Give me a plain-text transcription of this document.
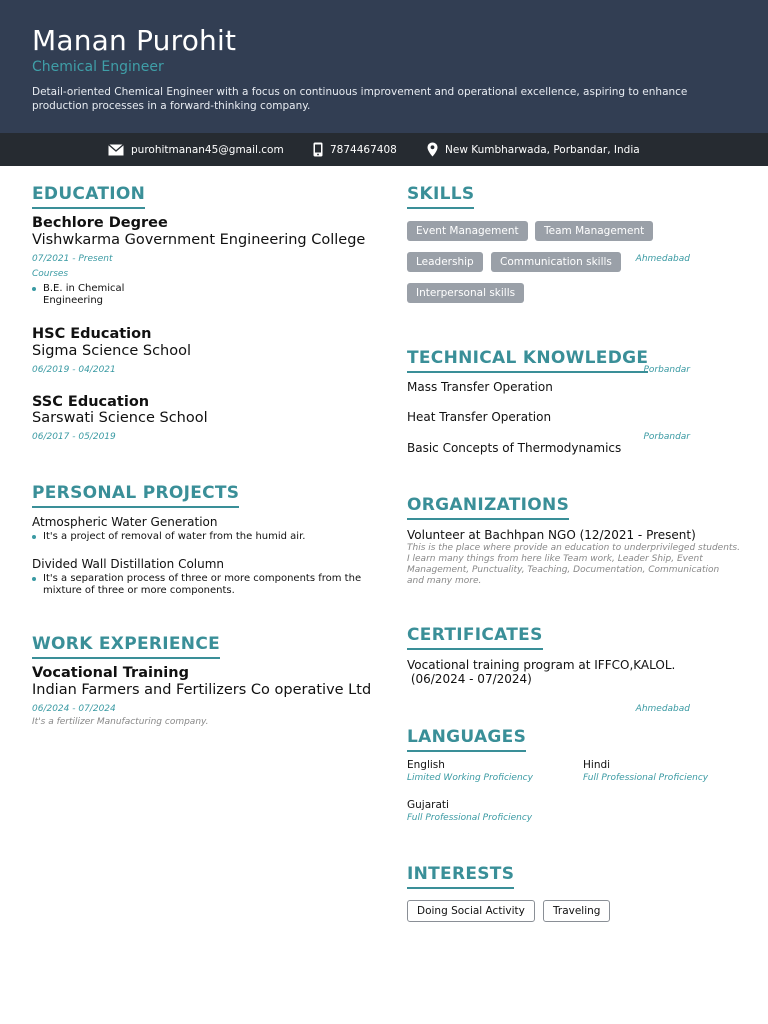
Manan Purohit
Chemical Engineer
Detail-oriented Chemical Engineer with a focus on continuous improvement and operational excellence, aspiring to enhance production processes in a forward-thinking company.
purohitmanan45@gmail.com	7874467408	New Kumbharwada, Porbandar, India
EDUCATION
Bechlore Degree
Vishwkarma Government Engineering College
07/2021 - Present	Ahmedabad
Courses
B.E. in Chemical
Engineering
HSC Education
Sigma Science School
06/2019 - 04/2021	Porbandar
SSC Education
Sarswati Science School
06/2017 - 05/2019	Porbandar
PERSONAL PROJECTS
Atmospheric Water Generation
It's a project of removal of water from the humid air.
Divided Wall Distillation Column
It's a separation process of three or more components from the
mixture of three or more components.
WORK EXPERIENCE
Vocational Training
Indian Farmers and Fertilizers Co operative Ltd
06/2024 - 07/2024	Ahmedabad
It's a fertilizer Manufacturing company.
SKILLS
Event Management	Team Management
Leadership	Communication skills
Interpersonal skills
TECHNICAL KNOWLEDGE
Mass Transfer Operation
Heat Transfer Operation
Basic Concepts of Thermodynamics
ORGANIZATIONS
Volunteer at Bachhpan NGO (12/2021 - Present)
This is the place where provide an education to underprivileged students.
I learn many things from here like Team work, Leader Ship, Event
Management, Punctuality, Teaching, Documentation, Communication
and many more.
CERTIFICATES
Vocational training program at IFFCO,KALOL.
(06/2024 - 07/2024)
LANGUAGES
English
Limited Working Proficiency
Hindi
Full Professional Proficiency
Gujarati
Full Professional Proficiency
INTERESTS
Doing Social Activity	Traveling
